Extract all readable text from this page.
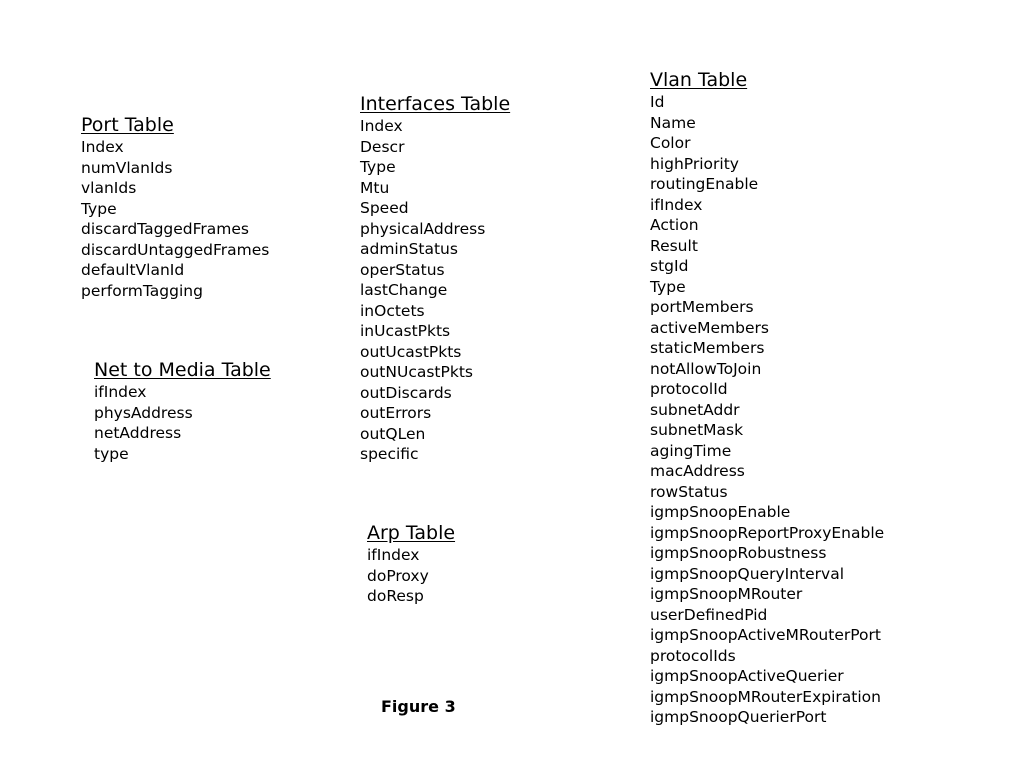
Port Table
Index
numVlanIds
vlanIds
Type
discardTaggedFrames
discardUntaggedFrames
defaultVlanId
performTagging
Net to Media Table
ifIndex
physAddress
netAddress
type
Interfaces Table
Index
Descr
Type
Mtu
Speed
physicalAddress
adminStatus
operStatus
lastChange
inOctets
inUcastPkts
outUcastPkts
outNUcastPkts
outDiscards
outErrors
outQLen
specific
Arp Table
ifIndex
doProxy
doResp
Vlan Table
Id
Name
Color
highPriority
routingEnable
ifIndex
Action
Result
stgId
Type
portMembers
activeMembers
staticMembers
notAllowToJoin
protocolId
subnetAddr
subnetMask
agingTime
macAddress
rowStatus
igmpSnoopEnable
igmpSnoopReportProxyEnable
igmpSnoopRobustness
igmpSnoopQueryInterval
igmpSnoopMRouter
userDefinedPid
igmpSnoopActiveMRouterPort
protocolIds
igmpSnoopActiveQuerier
igmpSnoopMRouterExpiration
igmpSnoopQuerierPort
Figure 3
